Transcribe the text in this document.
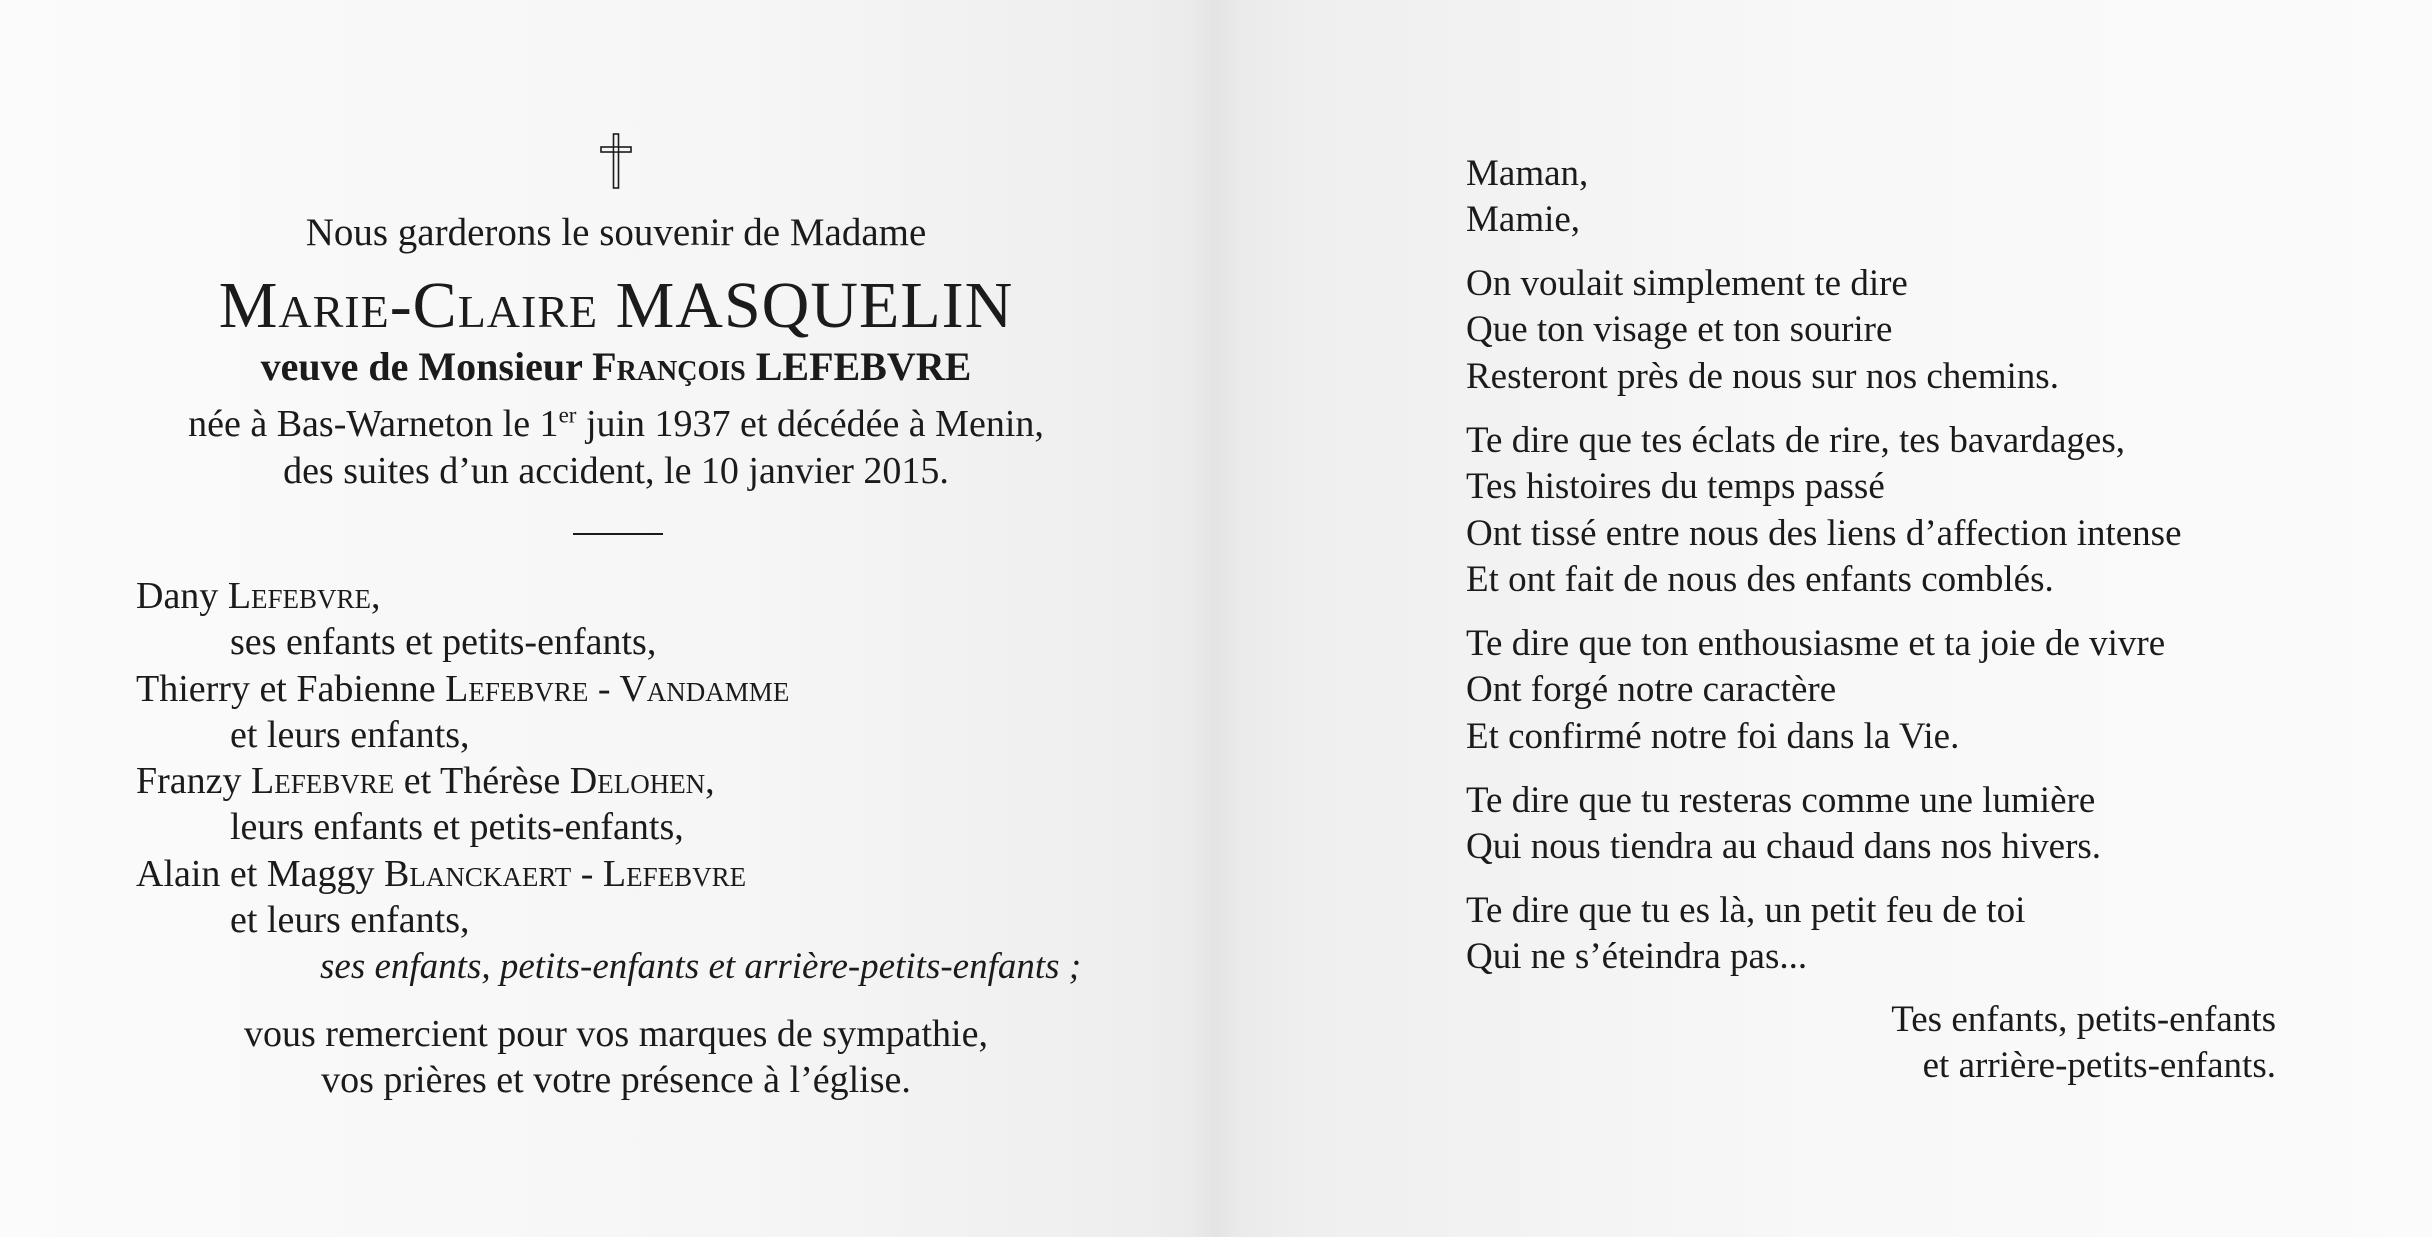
Nous garderons le souvenir de Madame
Marie-Claire MASQUELIN
veuve de Monsieur François LEFEBVRE
née à Bas-Warneton le 1er juin 1937 et décédée à Menin,
des suites d’un accident, le 10 janvier 2015.
Dany Lefebvre,
ses enfants et petits-enfants,
Thierry et Fabienne Lefebvre - Vandamme
et leurs enfants,
Franzy Lefebvre et Thérèse Delohen,
leurs enfants et petits-enfants,
Alain et Maggy Blanckaert - Lefebvre
et leurs enfants,
ses enfants, petits-enfants et arrière-petits-enfants ;
vous remercient pour vos marques de sympathie,
vos prières et votre présence à l’église.
Maman,
Mamie,
On voulait simplement te dire
Que ton visage et ton sourire
Resteront près de nous sur nos chemins.
Te dire que tes éclats de rire, tes bavardages,
Tes histoires du temps passé
Ont tissé entre nous des liens d’affection intense
Et ont fait de nous des enfants comblés.
Te dire que ton enthousiasme et ta joie de vivre
Ont forgé notre caractère
Et confirmé notre foi dans la Vie.
Te dire que tu resteras comme une lumière
Qui nous tiendra au chaud dans nos hivers.
Te dire que tu es là, un petit feu de toi
Qui ne s’éteindra pas...
Tes enfants, petits-enfants
et arrière-petits-enfants.
